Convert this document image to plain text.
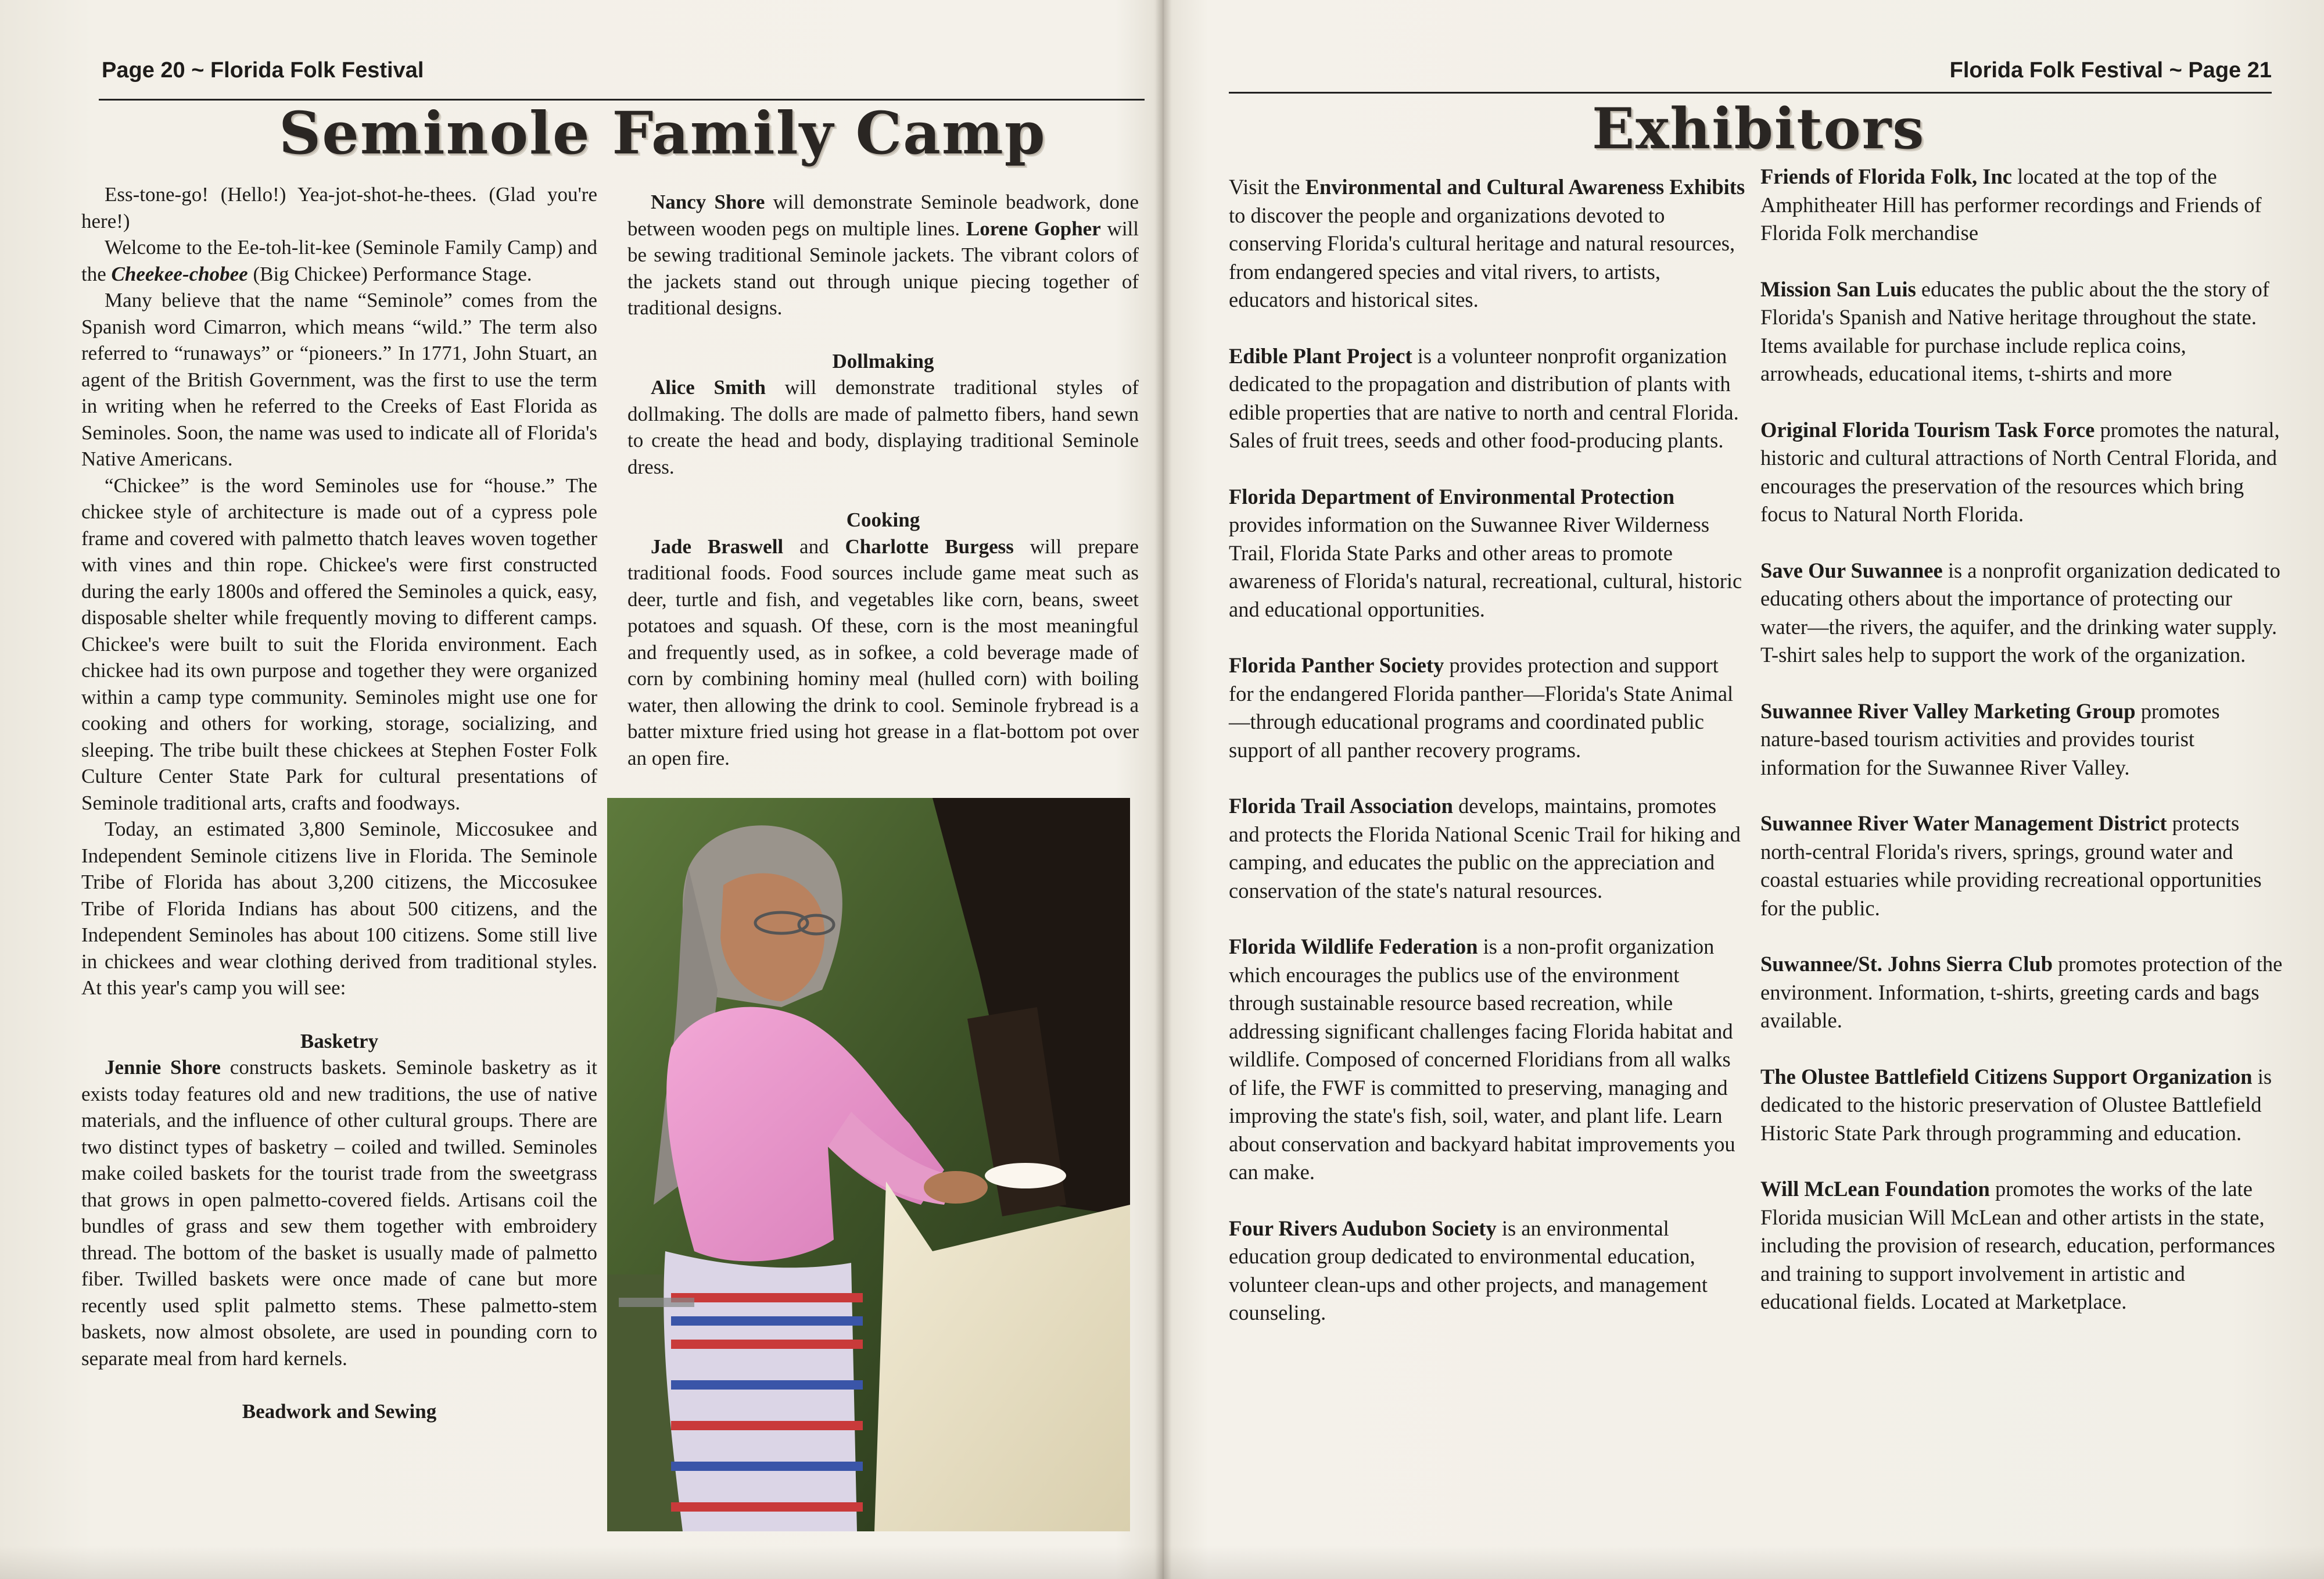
Page 20 ~ Florida Folk Festival
Seminole Family Camp

Ess-tone-go! (Hello!) Yea-jot-shot-he-thees. (Glad you're here!)

Welcome to the Ee-toh-lit-kee (Seminole Family Camp) and the Cheekee-chobee (Big Chickee) Performance Stage.

Many believe that the name “Seminole” comes from the Spanish word Cimarron, which means “wild.” The term also referred to “runaways” or “pioneers.” In 1771, John Stuart, an agent of the British Government, was the first to use the term in writing when he referred to the Creeks of East Florida as Seminoles. Soon, the name was used to indicate all of Florida's Native Americans.

“Chickee” is the word Seminoles use for “house.” The chickee style of architecture is made out of a cypress pole frame and covered with palmetto thatch leaves woven together with vines and thin rope. Chickee's were first constructed during the early 1800s and offered the Seminoles a quick, easy, disposable shelter while frequently moving to different camps. Chickee's were built to suit the Florida environment. Each chickee had its own purpose and together they were organized within a camp type community. Seminoles might use one for cooking and others for working, storage, socializing, and sleeping. The tribe built these chickees at Stephen Foster Folk Culture Center State Park for cultural presentations of Seminole traditional arts, crafts and foodways.

Today, an estimated 3,800 Seminole, Miccosukee and Independent Seminole citizens live in Florida. The Seminole Tribe of Florida has about 3,200 citizens, the Miccosukee Tribe of Florida Indians has about 500 citizens, and the Independent Seminoles has about 100 citizens. Some still live in chickees and wear clothing derived from traditional styles. At this year's camp you will see:

Basketry

Jennie Shore constructs baskets. Seminole basketry as it exists today features old and new traditions, the use of native materials, and the influence of other cultural groups. There are two distinct types of basketry – coiled and twilled. Seminoles make coiled baskets for the tourist trade from the sweetgrass that grows in open palmetto-covered fields. Artisans coil the bundles of grass and sew them together with embroidery thread. The bottom of the basket is usually made of palmetto fiber. Twilled baskets were once made of cane but more recently used split palmetto stems. These palmetto-stem baskets, now almost obsolete, are used in pounding corn to separate meal from hard kernels.

Beadwork and Sewing

Nancy Shore will demonstrate Seminole beadwork, done between wooden pegs on multiple lines. Lorene Gopher will be sewing traditional Seminole jackets. The vibrant colors of the jackets stand out through unique piecing together of traditional designs.

Dollmaking

Alice Smith will demonstrate traditional styles of dollmaking. The dolls are made of palmetto fibers, hand sewn to create the head and body, displaying traditional Seminole dress.

Cooking

Jade Braswell and Charlotte Burgess will prepare traditional foods. Food sources include game meat such as deer, turtle and fish, and vegetables like corn, beans, sweet potatoes and squash. Of these, corn is the most meaningful and frequently used, as in sofkee, a cold beverage made of corn by combining hominy meal (hulled corn) with boiling water, then allowing the drink to cool. Seminole frybread is a batter mixture fried using hot grease in a flat-bottom pot over an open fire.

Florida Folk Festival ~ Page 21
Exhibitors

Visit the Environmental and Cultural Awareness Exhibits to discover the people and organizations devoted to conserving Florida's cultural heritage and natural resources, from endangered species and vital rivers, to artists, educators and historical sites.

Edible Plant Project is a volunteer nonprofit organization dedicated to the propagation and distribution of plants with edible properties that are native to north and central Florida. Sales of fruit trees, seeds and other food-producing plants.

Florida Department of Environmental Protection provides information on the Suwannee River Wilderness Trail, Florida State Parks and other areas to promote awareness of Florida's natural, recreational, cultural, historic and educational opportunities.

Florida Panther Society provides protection and support for the endangered Florida panther—Florida's State Animal—through educational programs and coordinated public support of all panther recovery programs.

Florida Trail Association develops, maintains, promotes and protects the Florida National Scenic Trail for hiking and camping, and educates the public on the appreciation and conservation of the state's natural resources.

Florida Wildlife Federation is a non-profit organization which encourages the publics use of the environment through sustainable resource based recreation, while addressing significant challenges facing Florida habitat and wildlife. Composed of concerned Floridians from all walks of life, the FWF is committed to preserving, managing and improving the state's fish, soil, water, and plant life. Learn about conservation and backyard habitat improvements you can make.

Four Rivers Audubon Society is an environmental education group dedicated to environmental education, volunteer clean-ups and other projects, and management counseling.

Friends of Florida Folk, Inc located at the top of the Amphitheater Hill has performer recordings and Friends of Florida Folk merchandise

Mission San Luis educates the public about the the story of Florida's Spanish and Native heritage throughout the state. Items available for purchase include replica coins, arrowheads, educational items, t-shirts and more

Original Florida Tourism Task Force promotes the natural, historic and cultural attractions of North Central Florida, and encourages the preservation of the resources which bring focus to Natural North Florida.

Save Our Suwannee is a nonprofit organization dedicated to educating others about the importance of protecting our water—the rivers, the aquifer, and the drinking water supply. T-shirt sales help to support the work of the organization.

Suwannee River Valley Marketing Group promotes nature-based tourism activities and provides tourist information for the Suwannee River Valley.

Suwannee River Water Management District protects north-central Florida's rivers, springs, ground water and coastal estuaries while providing recreational opportunities for the public.

Suwannee/St. Johns Sierra Club promotes protection of the environment. Information, t-shirts, greeting cards and bags available.

The Olustee Battlefield Citizens Support Organization is dedicated to the historic preservation of Olustee Battlefield Historic State Park through programming and education.

Will McLean Foundation promotes the works of the late Florida musician Will McLean and other artists in the state, including the provision of research, education, performances and training to support involvement in artistic and educational fields. Located at Marketplace.
